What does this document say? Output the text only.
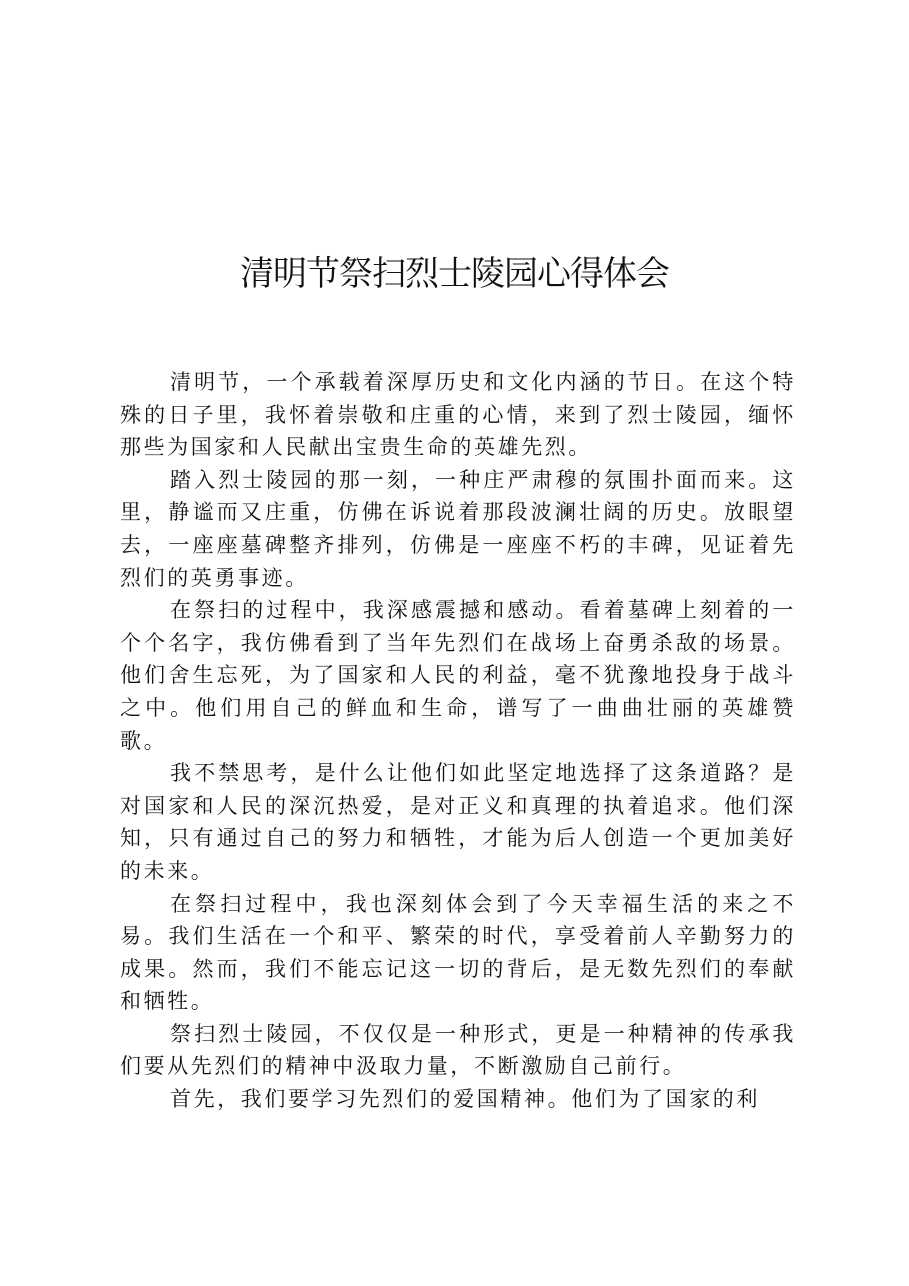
清明节祭扫烈士陵园心得体会

清明节，一个承载着深厚历史和文化内涵的节日。在这个特殊的日子里，我怀着崇敬和庄重的心情，来到了烈士陵园，缅怀那些为国家和人民献出宝贵生命的英雄先烈。

踏入烈士陵园的那一刻，一种庄严肃穆的氛围扑面而来。这里，静谧而又庄重，仿佛在诉说着那段波澜壮阔的历史。放眼望去，一座座墓碑整齐排列，仿佛是一座座不朽的丰碑，见证着先烈们的英勇事迹。

在祭扫的过程中，我深感震撼和感动。看着墓碑上刻着的一个个名字，我仿佛看到了当年先烈们在战场上奋勇杀敌的场景。他们舍生忘死，为了国家和人民的利益，毫不犹豫地投身于战斗之中。他们用自己的鲜血和生命，谱写了一曲曲壮丽的英雄赞歌。

我不禁思考，是什么让他们如此坚定地选择了这条道路？是对国家和人民的深沉热爱，是对正义和真理的执着追求。他们深知，只有通过自己的努力和牺牲，才能为后人创造一个更加美好的未来。

在祭扫过程中，我也深刻体会到了今天幸福生活的来之不易。我们生活在一个和平、繁荣的时代，享受着前人辛勤努力的成果。然而，我们不能忘记这一切的背后，是无数先烈们的奉献和牺牲。

祭扫烈士陵园，不仅仅是一种形式，更是一种精神的传承我们要从先烈们的精神中汲取力量，不断激励自己前行。

首先，我们要学习先烈们的爱国精神。他们为了国家的利
